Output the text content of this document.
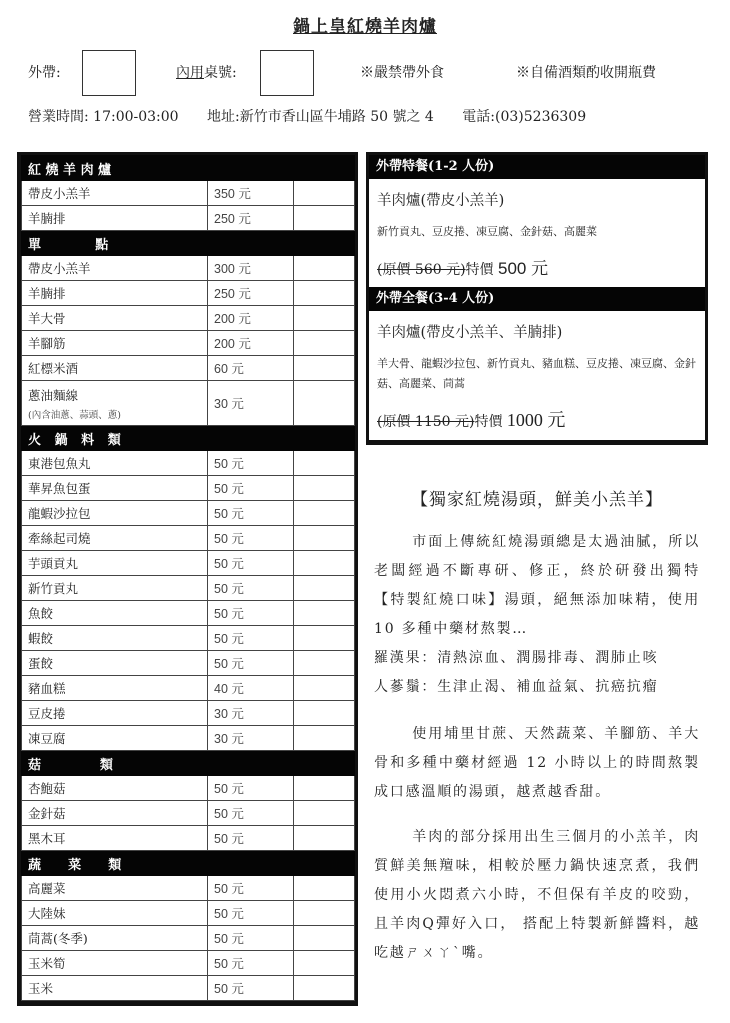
鍋上皇紅燒羊肉爐
外帶:	內用桌號:	※嚴禁帶外食	※自備酒類酌收開瓶費
營業時間: 17:00-03:00 地址:新竹市香山區牛埔路 50 號之 4 電話:(03)5236309
紅 燒 羊 肉 爐		
帶皮小羔羊	350 元	
羊腩排	250 元	
單            點		
帶皮小羔羊	300 元	
羊腩排	250 元	
羊大骨	200 元	
羊腳筋	200 元	
紅標米酒	60 元	
蔥油麵線
(內含油蔥、蒜頭、蔥)	30 元	
火   鍋   料   類		
東港包魚丸	50 元	
華昇魚包蛋	50 元	
龍蝦沙拉包	50 元	
牽絲起司燒	50 元	
芋頭貢丸	50 元	
新竹貢丸	50 元	
魚餃	50 元	
蝦餃	50 元	
蛋餃	50 元	
豬血糕	40 元	
豆皮捲	30 元	
凍豆腐	30 元	
菇             類		
杏鮑菇	50 元	
金針菇	50 元	
黑木耳	50 元	
蔬      菜      類		
高麗菜	50 元	
大陸妹	50 元	
茼蒿(冬季)	50 元	
玉米筍	50 元	
玉米	50 元	
外帶特餐(1-2 人份)
羊肉爐(帶皮小羔羊)
新竹貢丸、豆皮捲、凍豆腐、金針菇、高麗菜
(原價 560 元)特價 500 元
外帶全餐(3-4 人份)
羊肉爐(帶皮小羔羊、羊腩排)
羊大骨、龍蝦沙拉包、新竹貢丸、豬血糕、豆皮捲、凍豆腐、金針菇、高麗菜、茼蒿
(原價 1150 元)特價 1000 元
【獨家紅燒湯頭，鮮美小羔羊】
市面上傳統紅燒湯頭總是太過油膩，所以老闆經過不斷專研、修正，終於研發出獨特【特製紅燒口味】湯頭，絕無添加味精，使用 10 多種中藥材熬製…
羅漢果：清熱涼血、潤腸排毒、潤肺止咳
人蔘鬚：生津止渴、補血益氣、抗癌抗瘤
使用埔里甘蔗、天然蔬菜、羊腳筋、羊大骨和多種中藥材經過 12 小時以上的時間熬製成口感溫順的湯頭，越煮越香甜。
羊肉的部分採用出生三個月的小羔羊，肉質鮮美無羶味，相較於壓力鍋快速烹煮，我們使用小火悶煮六小時，不但保有羊皮的咬勁，且羊肉Q彈好入口， 搭配上特製新鮮醬料，越吃越ㄕㄨㄚˋ嘴。
